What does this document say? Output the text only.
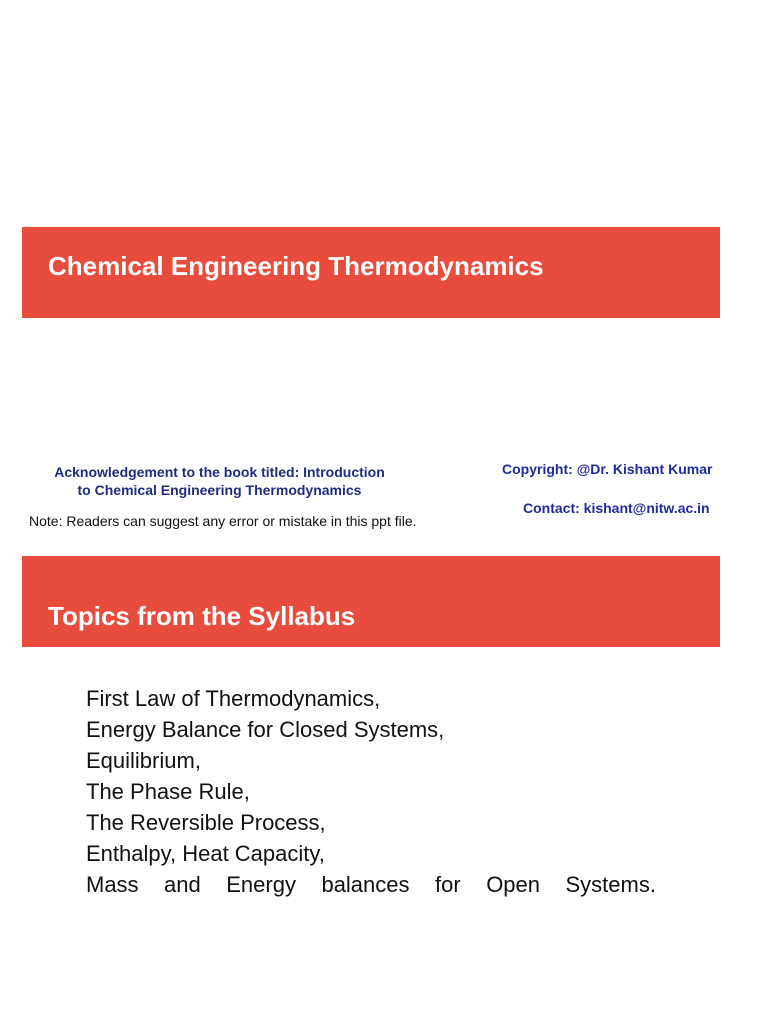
Chemical Engineering Thermodynamics
Acknowledgement to the book titled: Introduction
to Chemical Engineering Thermodynamics
Note: Readers can suggest any error or mistake in this ppt file.
Copyright: @Dr. Kishant Kumar
Contact: kishant@nitw.ac.in
Topics from the Syllabus
First Law of Thermodynamics,
Energy Balance for Closed Systems,
Equilibrium,
The Phase Rule,
The Reversible Process,
Enthalpy, Heat Capacity,
Mass and Energy balances for Open Systems.
